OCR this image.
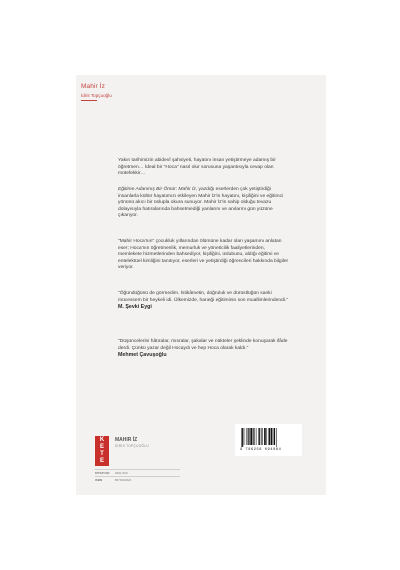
Mahir İz
İdris Topçuoğlu

Yakın tarihimizin abidevî şahsiyeti, hayatını insan yetiştirmeye adamış bir öğretmen… İdeal bir "Hoca" nasıl olur sorusuna yaşantısıyla cevap olan mütefekkir…

Eğitime Adanmış Bir Ömür: Mahir İz, yazdığı eserlerden çok yetiştirdiği insanlarla kültür hayatımızı etkileyen Mahir İz'in hayatını, kişiliğini ve eğitimci yönünü akıcı bir üslupla okura sunuyor. Mahir İz'in sahip olduğu tevazu dolayısıyla hatıralarında bahsetmediği yanlarını ve anılarını gün yüzüne çıkarıyor.

"Mahir Hoca'nın" çocukluk yıllarından ölümüne kadar olan yaşamını anlatan eser; Hoca'nın öğretmenlik, memurluk ve yöneticilik faaliyetlerinden, memlekete hizmetlerinden bahsediyor, kişiliğini, üslubunu, aldığı eğitimi ve entelektüel kimliğini tanıtıyor, eserleri ve yetiştirdiği öğrencileri hakkında bilgiler veriyor.

"Öğündüğünü de görmedim. İstikâmetin, doğruluk ve dürüstlüğün sanki mücessem bir heykeli idi. Ülkemizde, haneği eğitiminin son muallimlerindendi."

M. Şevki Eygi

"Düşüncelerini hâtıralar, mısralar, şakalar ve nükteler şeklinde konuşarak ifâde derdi. Çünkü yazar değil Hocaydı ve hep Hoca olarak kaldı."

Mehmet Çavuşoğlu

K
E
T
E
MAHIR İZ
İDRİS TOPÇUOĞLU
KİTAP NO: 2021.620
ISBN	BİYOGRAFİ
9 786258 094084
